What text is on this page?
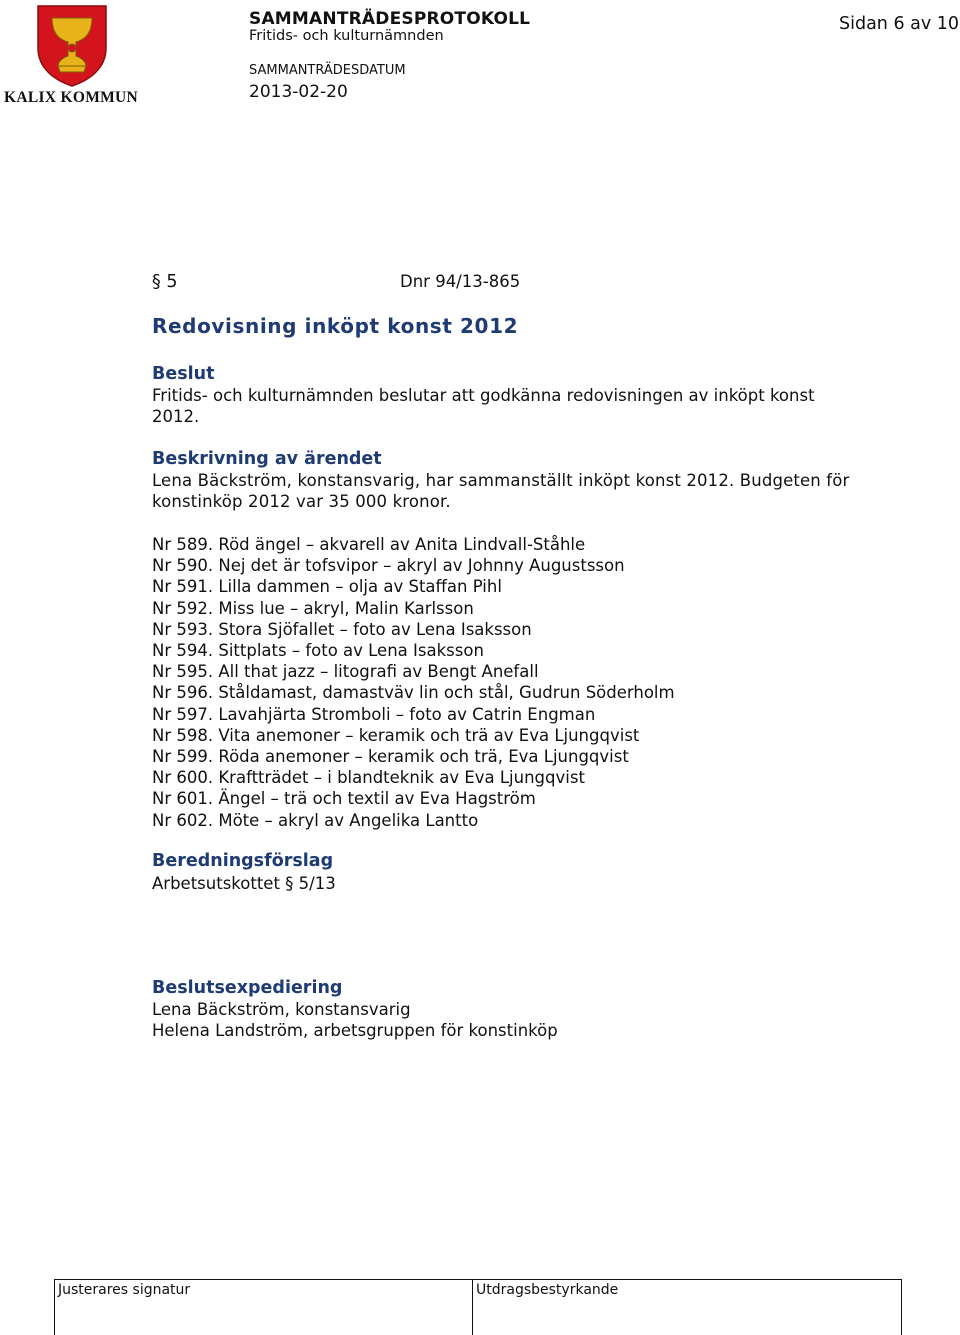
KALIX KOMMUN
SAMMANTRÄDESPROTOKOLL
Fritids- och kulturnämnden
SAMMANTRÄDESDATUM
2013-02-20
Sidan 6 av 10
§ 5	Dnr 94/13-865
Redovisning inköpt konst 2012
Beslut
Fritids- och kulturnämnden beslutar att godkänna redovisningen av inköpt konst
2012.
Beskrivning av ärendet
Lena Bäckström, konstansvarig, har sammanställt inköpt konst 2012. Budgeten för
konstinköp 2012 var 35 000 kronor.
Nr 589. Röd ängel – akvarell av Anita Lindvall-Ståhle
Nr 590. Nej det är tofsvipor – akryl av Johnny Augustsson
Nr 591. Lilla dammen – olja av Staffan Pihl
Nr 592. Miss lue – akryl, Malin Karlsson
Nr 593. Stora Sjöfallet – foto av Lena Isaksson
Nr 594. Sittplats – foto av Lena Isaksson
Nr 595. All that jazz – litografi av Bengt Anefall
Nr 596. Ståldamast, damastväv lin och stål, Gudrun Söderholm
Nr 597. Lavahjärta Stromboli – foto av Catrin Engman
Nr 598. Vita anemoner – keramik och trä av Eva Ljungqvist
Nr 599. Röda anemoner – keramik och trä, Eva Ljungqvist
Nr 600. Kraftträdet – i blandteknik av Eva Ljungqvist
Nr 601. Ängel – trä och textil av Eva Hagström
Nr 602. Möte – akryl av Angelika Lantto
Beredningsförslag
Arbetsutskottet § 5/13
Beslutsexpediering
Lena Bäckström, konstansvarig
Helena Landström, arbetsgruppen för konstinköp
Justerares signatur	Utdragsbestyrkande
